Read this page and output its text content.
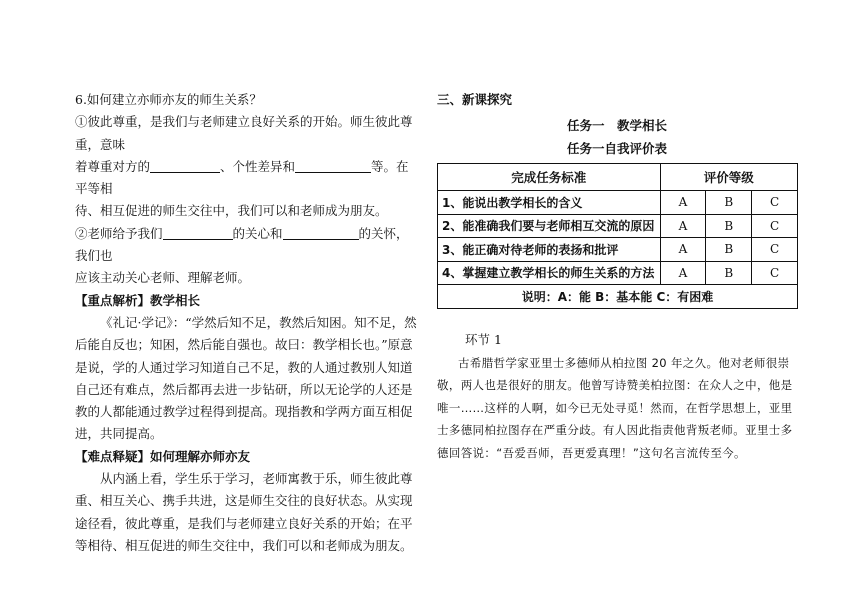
6.如何建立亦师亦友的师生关系？

①彼此尊重，是我们与老师建立良好关系的开始。师生彼此尊重，意味
着尊重对方的	、个性差异和	等。在平等相
待、相互促进的师生交往中，我们可以和老师成为朋友。

②老师给予我们	的关心和	的关怀，我们也
应该主动关心老师、理解老师。

【重点解析】教学相长

《礼记·学记》：“学然后知不足，教然后知困。知不足，然后能自反也；知困，然后能自强也。故曰：教学相长也。”原意是说，学的人通过学习知道自己不足，教的人通过教别人知道自己还有难点，然后都再去进一步钻研，所以无论学的人还是教的人都能通过教学过程得到提高。现指教和学两方面互相促进，共同提高。

【难点释疑】如何理解亦师亦友

从内涵上看，学生乐于学习，老师寓教于乐，师生彼此尊重、相互关心、携手共进，这是师生交往的良好状态。从实现途径看，彼此尊重，是我们与老师建立良好关系的开始；在平等相待、相互促进的师生交往中，我们可以和老师成为朋友。

三、新课探究

任务一　教学相长

任务一自我评价表

完成任务标准	评价等级		
1、能说出教学相长的含义	A	B	C
2、能准确我们要与老师相互交流的原因	A	B	C
3、能正确对待老师的表扬和批评	A	B	C
4、掌握建立教学相长的师生关系的方法	A	B	C
说明：A：能 B：基本能 C：有困难			

环节 1

古希腊哲学家亚里士多德师从柏拉图 20 年之久。他对老师很崇敬，两人也是很好的朋友。他曾写诗赞美柏拉图：在众人之中，他是唯一……这样的人啊，如今已无处寻觅！然而，在哲学思想上，亚里士多德同柏拉图存在严重分歧。有人因此指责他背叛老师。亚里士多德回答说：“吾爱吾师，吾更爱真理！”这句名言流传至今。
